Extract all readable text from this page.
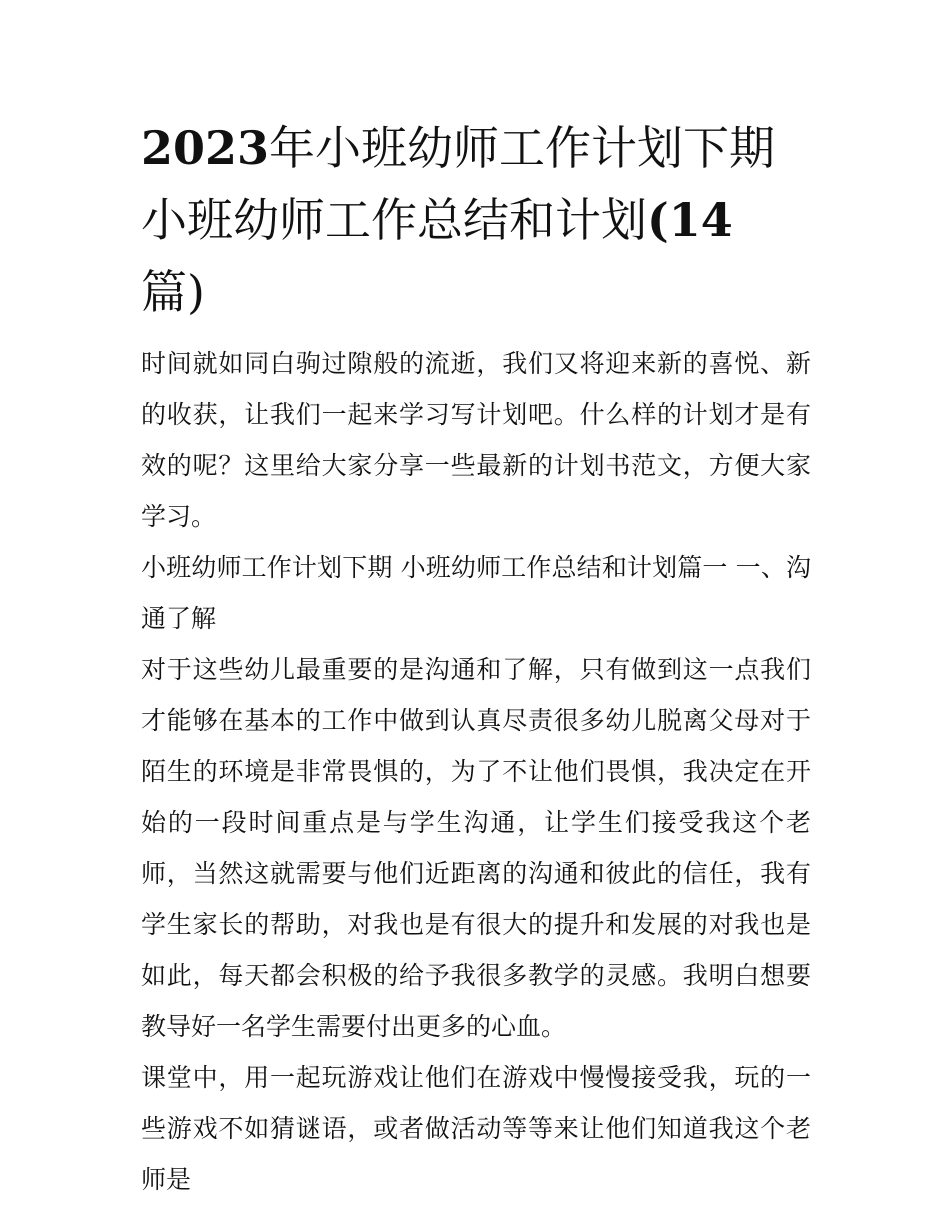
2023年小班幼师工作计划下期 小班幼师工作总结和计划(14
篇)

时间就如同白驹过隙般的流逝，我们又将迎来新的喜悦、新的收获，让我们一起来学习写计划吧。什么样的计划才是有效的呢？这里给大家分享一些最新的计划书范文，方便大家学习。

小班幼师工作计划下期 小班幼师工作总结和计划篇一 一、沟通了解

对于这些幼儿最重要的是沟通和了解，只有做到这一点我们才能够在基本的工作中做到认真尽责很多幼儿脱离父母对于陌生的环境是非常畏惧的，为了不让他们畏惧，我决定在开始的一段时间重点是与学生沟通，让学生们接受我这个老师，当然这就需要与他们近距离的沟通和彼此的信任，我有学生家长的帮助，对我也是有很大的提升和发展的对我也是如此，每天都会积极的给予我很多教学的灵感。我明白想要教导好一名学生需要付出更多的心血。

课堂中，用一起玩游戏让他们在游戏中慢慢接受我，玩的一些游戏不如猜谜语，或者做活动等等来让他们知道我这个老师是
